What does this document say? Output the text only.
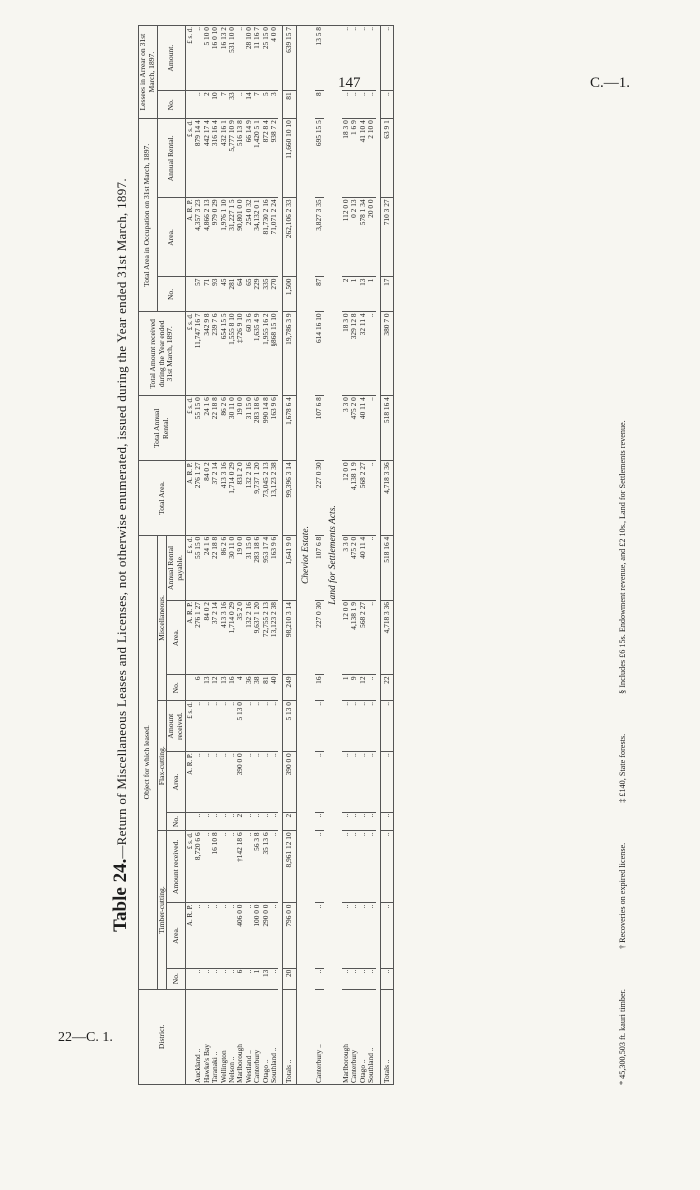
147	C.—1.
22—C. 1.
Table 24.—Return of Miscellaneous Leases and Licenses, not otherwise enumerated, issued during the Year ended 31st March, 1897.
District.	Object for which leased.									Total Area.	Total Annual Rental.	Total Amount received during the Year ended 31st March, 1897.	Total Area in Occupation on 31st March, 1897.			Lessees in Arrear on 31st March, 1897.	
	Timber-cutting.			Flax-cutting.			Miscellaneous.						No.	Area.	Annual Rental.	No.	Amount.
	No.	Area.	Amount received.	No.	Area.	Amount received.	No.	Area.	Annual Rental payable.								
		A. R. P.	£ s. d.		A. R. P.	£ s. d.		A. R. P.	£ s. d.	A. R. P.	£ s. d.	£ s. d.		A. R. P.	£ s. d.		£ s. d.
Auckland ..	..	..	8,720 6 6	..	..	..	6	276 1 27	55 15 0	276 1 27	55 15 0	11,747 16 7	57	4,357 3 23	879 14 4	..	..
Hawke's Bay	..	..	..	..	..	..	13	84 0 2	24 1 6	84 0 2	24 1 6	342 9 8	71	4,866 2 13	442 17 4	2	5 10 0
Taranaki ..	..	..	16 10 8	..	..	..	12	37 2 14	22 18 8	37 2 14	22 18 8	239 7 6	93	979 0 29	316 16 4	10	16 0 10
Wellington	..	..	..	..	..	..	13	413 3 16	86 2 6	413 3 16	86 2 6	654 15 5	45	1,976 1 10	432 16 1	7	16 13 2
Nelson ..	..	..	..	..	..	..	16	1,714 0 29	30 11 0	1,714 0 29	30 11 0	1,555 8 10	281	31,227 1 5	5,777 10 9	33	531 10 0
Marlborough	6	406 0 0	†142 18 6	2	390 0 0	5 13 0	4	35 2 0	19 0 0	831 2 0	19 0 0	‡726 9 10	64	90,801 0 0	516 13 8	..	..
Westland ..	..	..	..	..	..	..	36	132 2 16	31 15 0	132 2 16	31 15 0	60 3 6	65	254 0 32	66 14 9	14	28 10 0
Canterbury	1	100 0 0	56 3 8	..	..	..	38	9,637 1 20	283 18 6	9,737 1 20	283 18 6	1,635 4 9	229	34,132 0 1	1,420 5 1	7	11 16 7
Otago ..	13	290 0 0	35 13 6	..	..	..	81	72,755 2 13	953 17 4	73,045 2 13	990 14 8	1,955 16 2	335	81,730 2 16	872 8 4	5	25 15 0
Southland ..	..	..	..	..	..	..	40	13,123 2 38	163 9 6	13,123 2 38	163 9 6	§868 15 10	270	71,071 2 24	938 7 2	3	4 0 0

Totals ..	20	796 0 0	8,961 12 10	2	390 0 0	5 13 0	249	98,210 3 14	1,641 9 0	99,396 3 14	1,678 6 4	19,786 3 9	1,500	262,106 2 33	11,660 10 10	81	639 15 7
Cheviot Estate.																	
Canterbury ..	..	..	..	..	..	..	16	227 0 30	107 6 8	227 0 30	107 6 8	614 16 10	87	3,827 3 35	695 15 5	8	13 5 8
Land for Settlements Acts.																	
Marlborough	..	..	..	..	..	..	1	12 0 0	3 3 0	12 0 0	3 3 0	18 3 0	2	112 0 0	18 3 0	..	..
Canterbury	..	..	..	..	..	..	9	4,138 1 9	475 2 0	4,138 1 9	475 2 0	329 12 8	1	0 2 13	1 6 9	..	..
Otago ..	..	..	..	..	..	..	12	568 2 27	40 11 4	568 2 27	40 11 4	32 11 4	13	578 1 34	41 10 4	..	..
Southland ..	..	..	..	..	..	..	..	..	..	..	..	..	1	20 0 0	2 10 0	..	..

Totals ..	..	..	..	..	..	..	22	4,718 3 36	518 16 4	4,718 3 36	518 16 4	380 7 0	17	710 3 27	63 9 1	..	..
* 45,300,503 ft. kauri timber. † Recoveries on expired license. ‡ £140, State forests. § Includes £6 15s. Endowment revenue, and £2 10s., Land for Settlements revenue.
